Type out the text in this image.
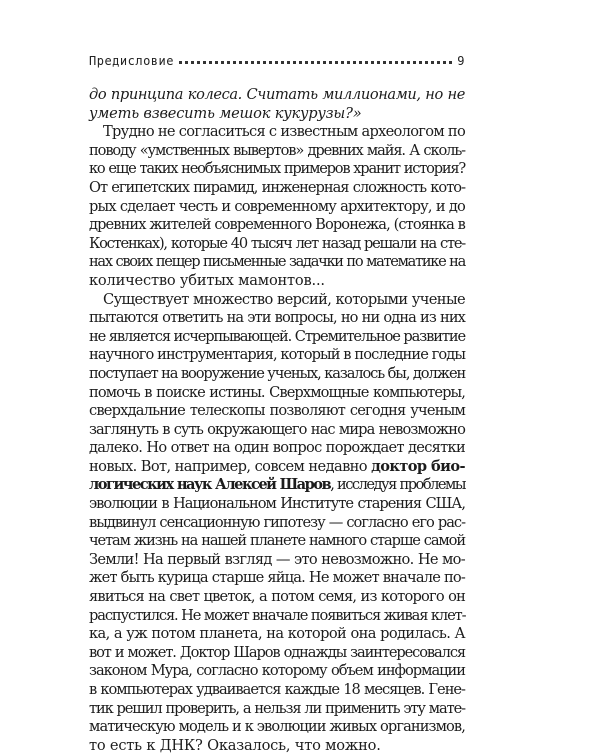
Предисловие	9
до принципа колеса. Считать миллионами, но не
уметь взвесить мешок кукурузы?»
Трудно не согласиться с известным археологом по
поводу «умственных вывертов» древних майя. А сколь-
ко еще таких необъяснимых примеров хранит история?
От египетских пирамид, инженерная сложность кото-
рых сделает честь и современному архитектору, и до
древних жителей современного Воронежа, (стоянка в
Костенках), которые 40 тысяч лет назад решали на сте-
нах своих пещер письменные задачки по математике на
количество убитых мамонтов...
Существует множество версий, которыми ученые
пытаются ответить на эти вопросы, но ни одна из них
не является исчерпывающей. Стремительное развитие
научного инструментария, который в последние годы
поступает на вооружение ученых, казалось бы, должен
помочь в поиске истины. Сверхмощные компьютеры,
сверхдальние телескопы позволяют сегодня ученым
заглянуть в суть окружающего нас мира невозможно
далеко. Но ответ на один вопрос порождает десятки
новых. Вот, например, совсем недавно доктор биo-
логических наук Алексей Шаров, исследуя проблемы
эволюции в Национальном Институте старения США,
выдвинул сенсационную гипотезу — согласно его рас-
четам жизнь на нашей планете намного старше самой
Земли! На первый взгляд — это невозможно. Не мо-
жет быть курица старше яйца. Не может вначале по-
явиться на свет цветок, а потом семя, из которого он
распустился. Не может вначале появиться живая клет-
ка, а уж потом планета, на которой она родилась. А
вот и может. Доктор Шаров однажды заинтересовался
законом Мура, согласно которому объем информации
в компьютерах удваивается каждые 18 месяцев. Гене-
тик решил проверить, а нельзя ли применить эту мате-
матическую модель и к эволюции живых организмов,
то есть к ДНК? Оказалось, что можно.
